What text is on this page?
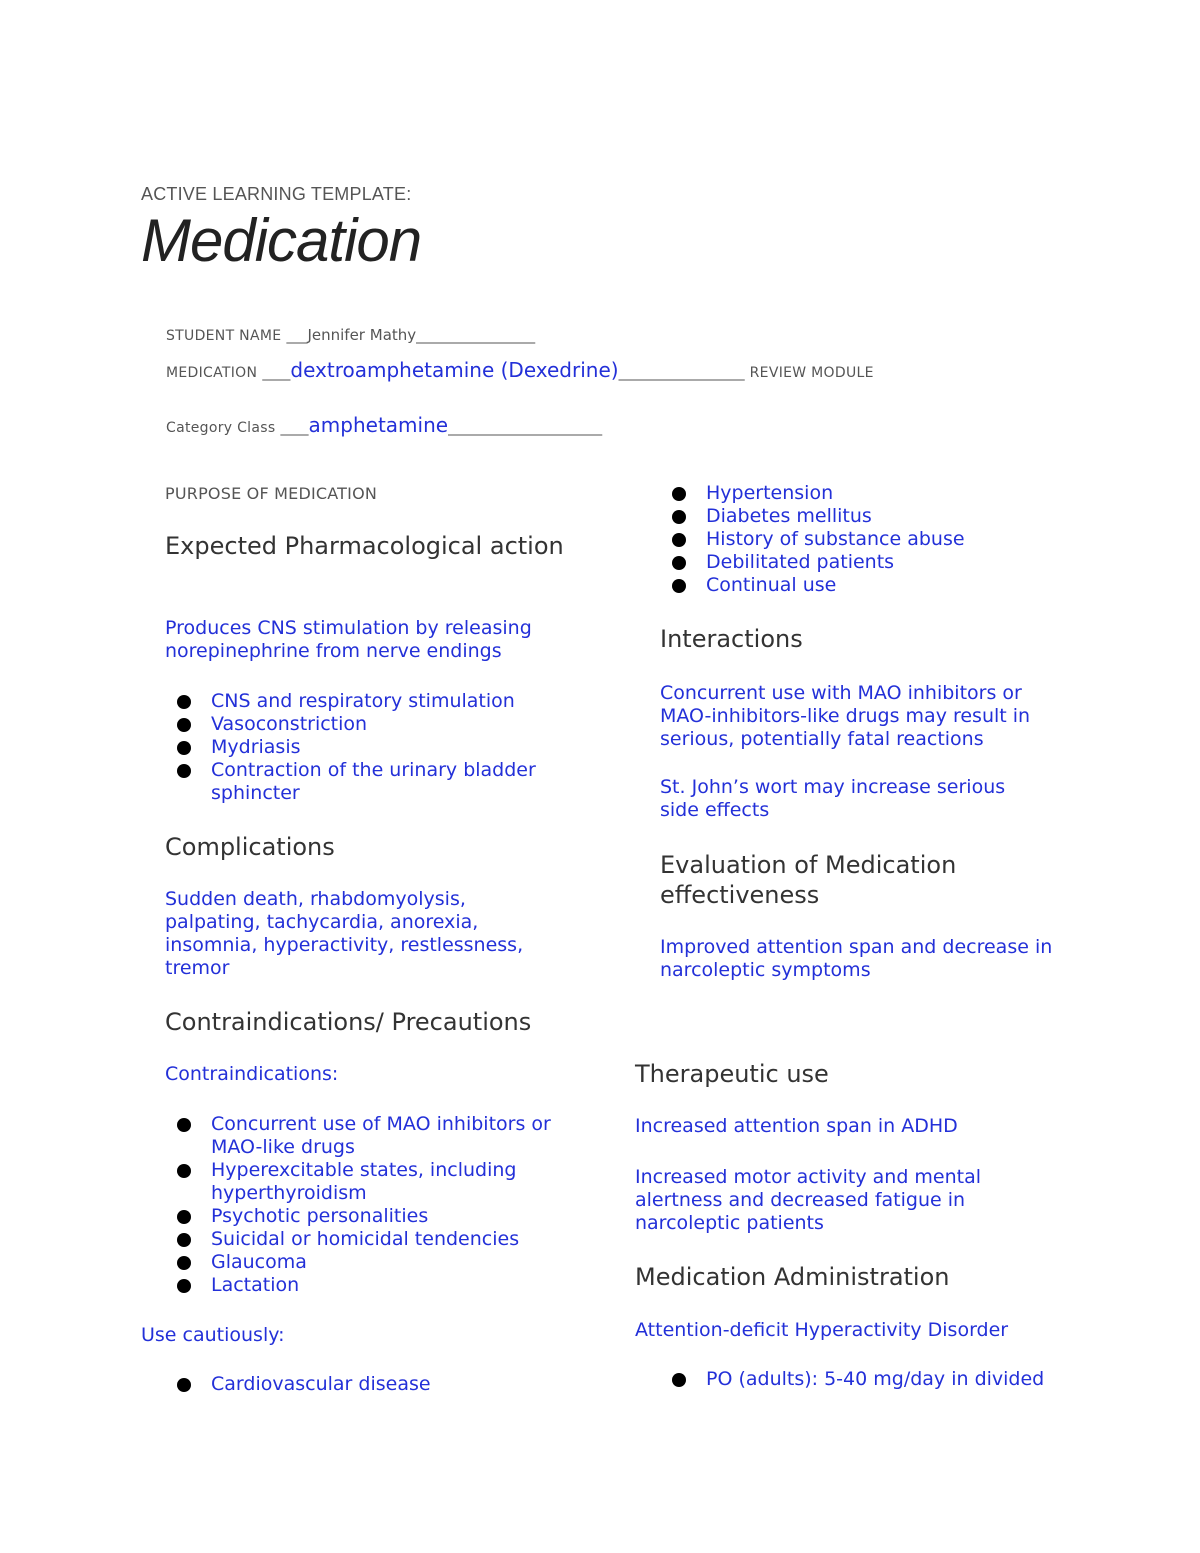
ACTIVE LEARNING TEMPLATE:
Medication
STUDENT NAME ___Jennifer Mathy_________________
MEDICATION ____dextroamphetamine (Dexedrine)__________________ REVIEW MODULE
Category Class ____amphetamine______________________
PURPOSE OF MEDICATION
Expected Pharmacological action
Produces CNS stimulation by releasing norepinephrine from nerve endings
CNS and respiratory stimulation
Vasoconstriction
Mydriasis
Contraction of the urinary bladder sphincter
Complications
Sudden death, rhabdomyolysis, palpating, tachycardia, anorexia, insomnia, hyperactivity, restlessness, tremor
Contraindications/ Precautions
Contraindications:
Concurrent use of MAO inhibitors or MAO-like drugs
Hyperexcitable states, including hyperthyroidism
Psychotic personalities
Suicidal or homicidal tendencies
Glaucoma
Lactation
Use cautiously:
Cardiovascular disease
Hypertension
Diabetes mellitus
History of substance abuse
Debilitated patients
Continual use
Interactions
Concurrent use with MAO inhibitors or MAO-inhibitors-like drugs may result in serious, potentially fatal reactions
St. John’s wort may increase serious side effects
Evaluation of Medication effectiveness
Improved attention span and decrease in narcoleptic symptoms
Therapeutic use
Increased attention span in ADHD
Increased motor activity and mental alertness and decreased fatigue in narcoleptic patients
Medication Administration
Attention-deficit Hyperactivity Disorder
PO (adults): 5-40 mg/day in divided
